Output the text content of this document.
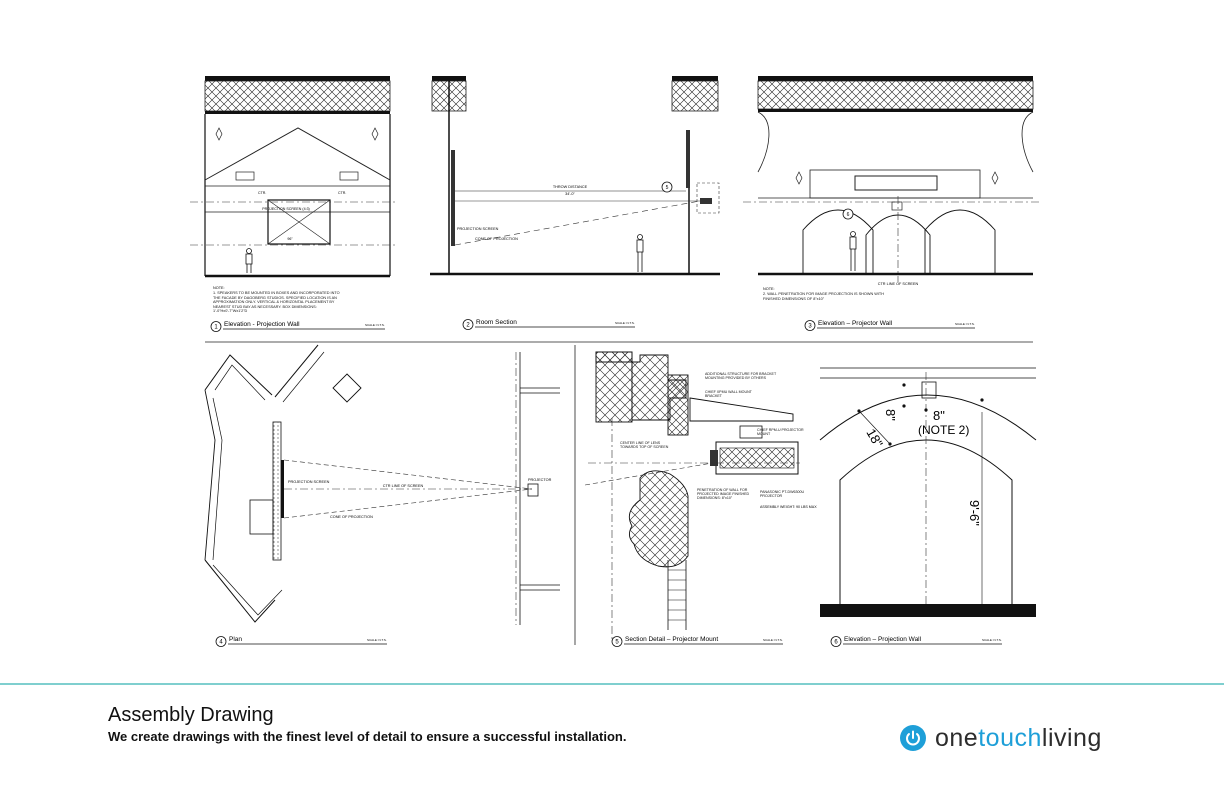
PROJECTION SCREEN (4:3)
96"
CTR.	CTR.
NOTE:
1. SPEAKERS TO BE MOUNTED IN BOXES AND INCORPORATED INTO THE FACADE BY DAGOBERG STUDIOS. SPECIFIED LOCATION IS AN APPROXIMATION ONLY. VERTICAL & HORIZONTAL PLACEMENT BY NEAREST STUD BAY AS NECESSARY. BOX DIMENSIONS: 1'-0"Hx0'-7"Wx1'2"D
5
THROW DISTANCE
34'-0"
PROJECTION SCREEN
CONE OF PROJECTION
6
CTR LINE OF SCREEN
NOTE:
2. WALL PENETRATION FOR IMAGE PROJECTION IS SHOWN WITH FINISHED DIMENSIONS OF 8"x10"
PROJECTION SCREEN
CONE OF PROJECTION
CTR LINE OF SCREEN
PROJECTOR
ADDITIONAL STRUCTURE FOR BRACKET MOUNTING PROVIDED BY OTHERS
CHIEF XPMU WALL MOUNT BRACKET
CHIEF RPM-U PROJECTOR MOUNT
CENTER LINE OF LENS TOWARDS TOP OF SCREEN
PENETRATION OF WALL FOR PROJECTED IMAGE FINISHED DIMENSIONS: 8"x10"
PANASONIC PT-DW6300U PROJECTOR
ASSEMBLY WEIGHT: 90 LBS MAX
18"
8"	8"
(NOTE 2)
9'-6"
1 Elevation - Projection Wall	SCALE: N.T.S.	2 Room Section	SCALE: N.T.S.
3 Elevation – Projector Wall	SCALE: N.T.S.
4 Plan	SCALE: N.T.S.	5 Section Detail – Projector Mount	SCALE: N.T.S.	6 Elevation – Projection Wall	SCALE: N.T.S.
Assembly Drawing
We create drawings with the finest level of detail to ensure a successful installation.	onetouchliving
